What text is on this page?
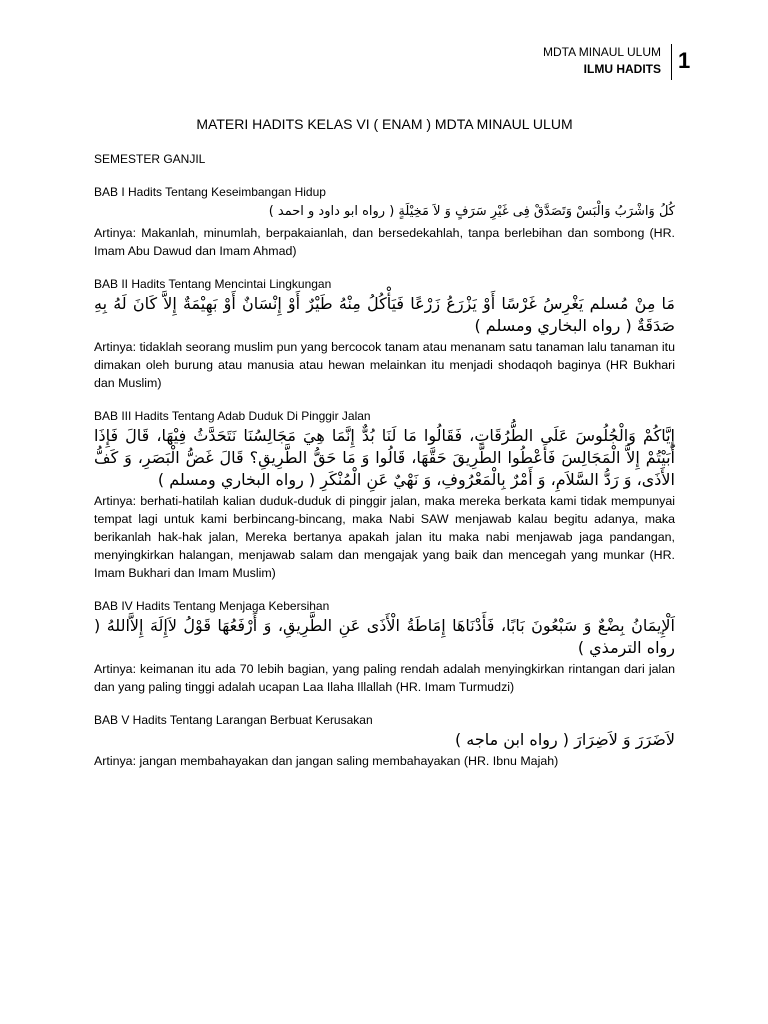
MDTA MINAUL ULUM
ILMU HADITS 1
MATERI HADITS KELAS VI ( ENAM ) MDTA MINAUL ULUM
SEMESTER GANJIL
BAB I Hadits Tentang Keseimbangan Hidup
كُلُ وَاشْرَبُ وَالْبَسْ وَتَصَدَّقْ فِى غَيْرِ سَرَفٍ وَ لاَ مَخِيْلَةٍ ( رواه ابو داود و احمد )
Artinya: Makanlah, minumlah, berpakaianlah, dan bersedekahlah, tanpa berlebihan dan sombong (HR. Imam Abu Dawud dan Imam Ahmad)
BAB II Hadits Tentang Mencintai Lingkungan
مَا مِنْ مُسلم يَغْرِسُ غَرْسًا أَوْ يَزْرَعُ زَرْعًا فَيَأْكُلُ مِنْهُ طَيْرٌ أَوْ إِنْسَانٌ أَوْ بَهِيْمَةٌ إِلاَّ كَانَ لَهُ بِهِ صَدَقَةٌ ( رواه البخاري ومسلم )
Artinya: tidaklah seorang muslim pun yang bercocok tanam atau menanam satu tanaman lalu tanaman itu dimakan oleh burung atau manusia atau hewan melainkan itu menjadi shodaqoh baginya (HR Bukhari dan Muslim)
BAB III Hadits Tentang Adab Duduk Di Pinggir Jalan
إِيَّاكُمْ وَالْجُلُوسَ عَلَى الطُّرُقَاتِ، فَقَالُوا مَا لَنَا بُدٌّ إِنَّمَا هِيَ مَجَالِسُنَا نَتَحَدَّثُ فِيْهَا، قَالَ فَإِذَا أَبَيْتُمْ إِلاَّ الْمَجَالِسَ فَأَعْطُوا الطَّرِيقَ حَقَّهَا، قَالُوا وَ مَا حَقُّ الطَّرِيقِ؟ قَالَ غَضُّ الْبَصَرِ، وَ كَفُّ الأَذَى، وَ رَدُّ السَّلاَمِ، وَ أَمْرٌ بِالْمَعْرُوفِ، وَ نَهْيٌ عَنِ الْمُنْكَرِ ( رواه البخاري ومسلم )
Artinya: berhati-hatilah kalian duduk-duduk di pinggir jalan, maka mereka berkata kami tidak mempunyai tempat lagi untuk kami berbincang-bincang, maka Nabi SAW menjawab kalau begitu adanya, maka berikanlah hak-hak jalan, Mereka bertanya apakah jalan itu maka nabi menjawab jaga pandangan, menyingkirkan halangan, menjawab salam dan mengajak yang baik dan mencegah yang munkar (HR. Imam Bukhari dan Imam Muslim)
BAB IV Hadits Tentang Menjaga Kebersihan
اَلْإِيمَانُ بِضْعٌ وَ سَبْعُونَ بَابًا، فَأَدْنَاهَا إِمَاطَةُ الْأَذَى عَنِ الطَّرِيقِ، وَ أَرْفَعُهَا قَوْلُ لاَإِلَهَ إِلاَّاللهُ ( رواه الترمذي )
Artinya: keimanan itu ada 70 lebih bagian, yang paling rendah adalah menyingkirkan rintangan dari jalan dan yang paling tinggi adalah ucapan Laa Ilaha Illallah (HR. Imam Turmudzi)
BAB V Hadits Tentang Larangan Berbuat Kerusakan
لاَضَرَرَ وَ لاَضِرَارَ ( رواه ابن ماجه )
Artinya: jangan membahayakan dan jangan saling membahayakan (HR. Ibnu Majah)
